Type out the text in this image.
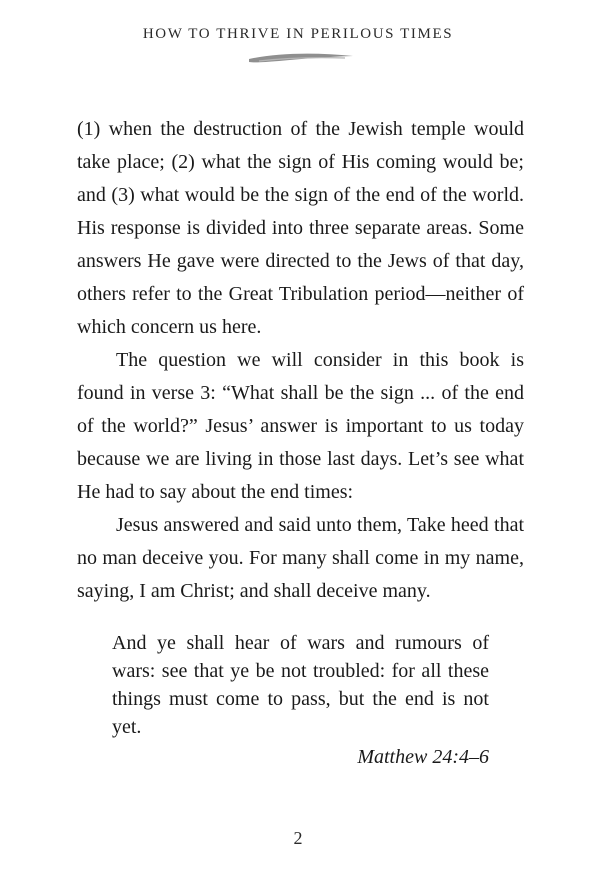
HOW TO THRIVE IN PERILOUS TIMES

(1) when the destruction of the Jewish temple would take place; (2) what the sign of His coming would be; and (3) what would be the sign of the end of the world. His response is divided into three separate areas. Some answers He gave were directed to the Jews of that day, others refer to the Great Tribulation period—neither of which concern us here.

The question we will consider in this book is found in verse 3: “What shall be the sign ... of the end of the world?” Jesus’ answer is important to us today because we are living in those last days. Let’s see what He had to say about the end times:

Jesus answered and said unto them, Take heed that no man deceive you. For many shall come in my name, saying, I am Christ; and shall deceive many.

And ye shall hear of wars and rumours of wars: see that ye be not troubled: for all these things must come to pass, but the end is not yet.

Matthew 24:4–6
2
